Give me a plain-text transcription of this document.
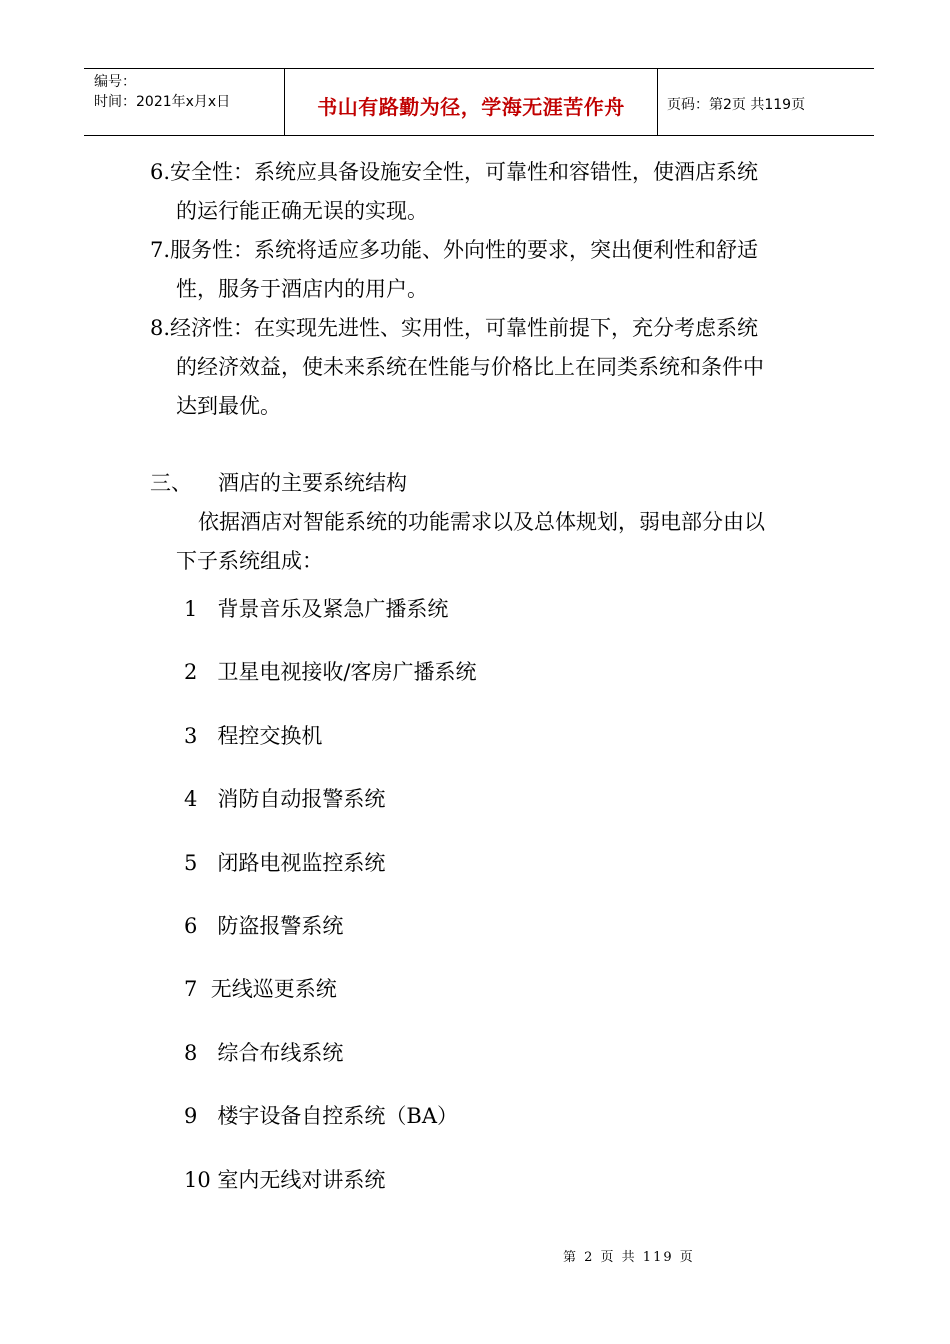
编号：
时间：2021年x月x日	书山有路勤为径，学海无涯苦作舟	页码：第2页 共119页
6.安全性：系统应具备设施安全性，可靠性和容错性，使酒店系统
的运行能正确无误的实现。
7.服务性：系统将适应多功能、外向性的要求，突出便利性和舒适
性，服务于酒店内的用户。
8.经济性：在实现先进性、实用性，可靠性前提下，充分考虑系统
的经济效益，使未来系统在性能与价格比上在同类系统和条件中
达到最优。
三、 酒店的主要系统结构
依据酒店对智能系统的功能需求以及总体规划，弱电部分由以
下子系统组成：
1   背景音乐及紧急广播系统
2   卫星电视接收/客房广播系统
3   程控交换机
4   消防自动报警系统
5   闭路电视监控系统
6   防盗报警系统
7  无线巡更系统
8   综合布线系统
9   楼宇设备自控系统（BA）
10 室内无线对讲系统
第 2 页 共 119 页
